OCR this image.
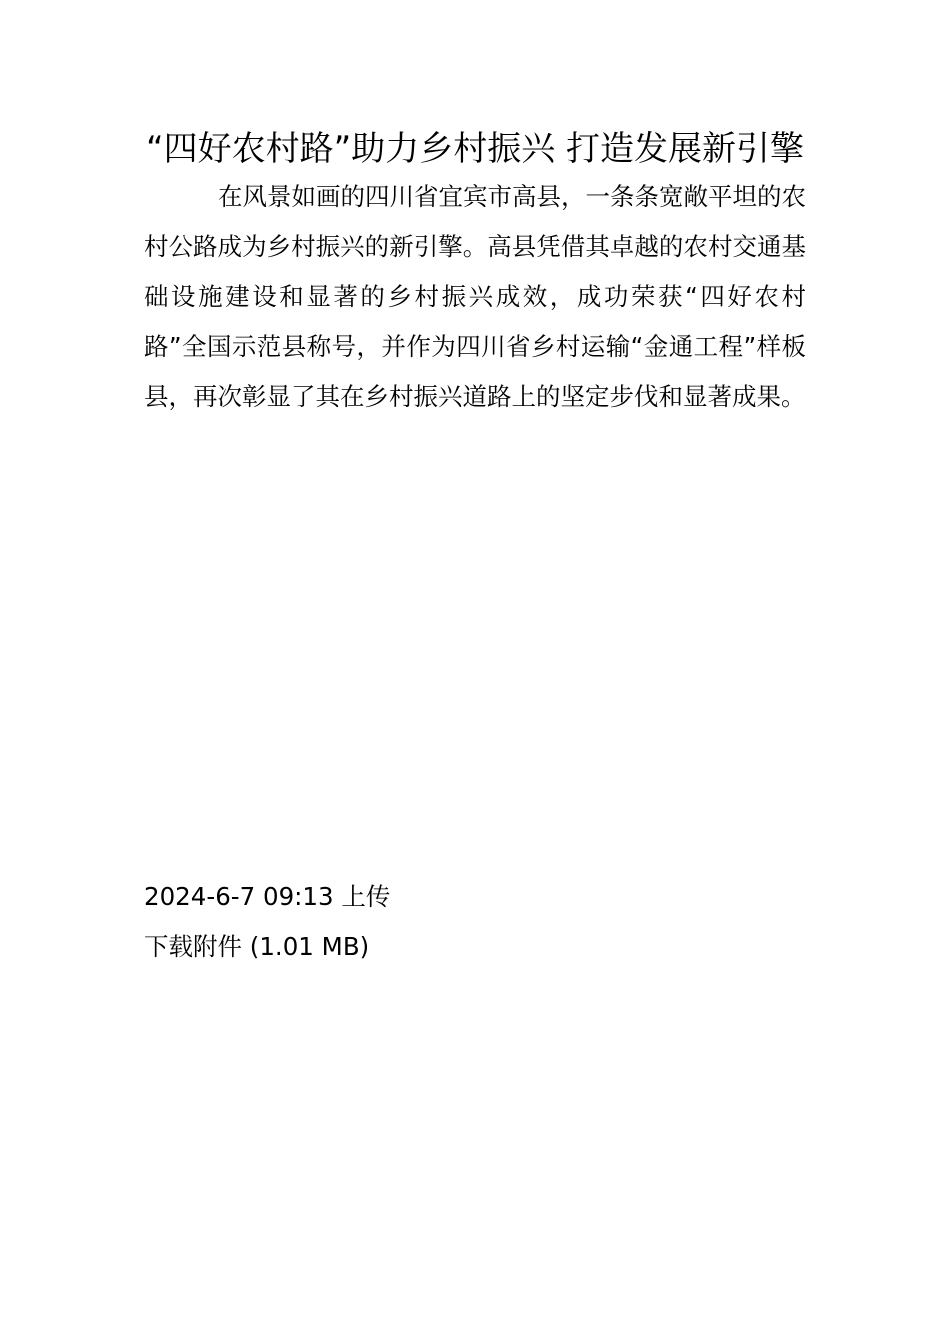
“四好农村路”助力乡村振兴 打造发展新引擎

在风景如画的四川省宜宾市高县，一条条宽敞平坦的农村公路成为乡村振兴的新引擎。高县凭借其卓越的农村交通基础设施建设和显著的乡村振兴成效，成功荣获“四好农村路”全国示范县称号，并作为四川省乡村运输“金通工程”样板县，再次彰显了其在乡村振兴道路上的坚定步伐和显著成果。

2024-6-7 09:13 上传
下载附件 (1.01 MB)
